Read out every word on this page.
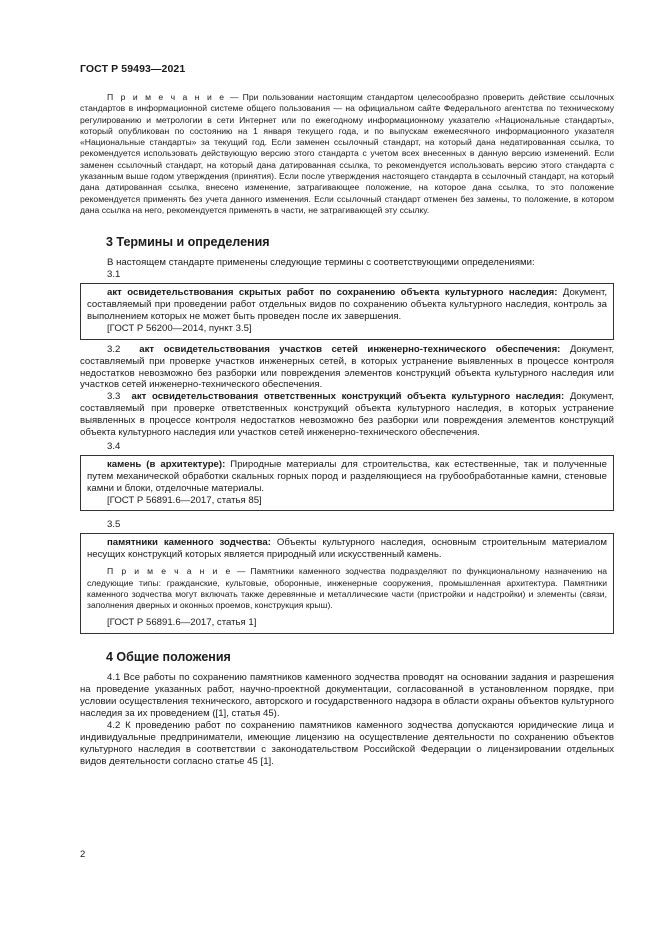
ГОСТ Р 59493—2021

П р и м е ч а н и е — При пользовании настоящим стандартом целесообразно проверить действие ссылочных стандартов в информационной системе общего пользования — на официальном сайте Федерального агентства по техническому регулированию и метрологии в сети Интернет или по ежегодному информационному указателю «Национальные стандарты», который опубликован по состоянию на 1 января текущего года, и по выпускам ежемесячного информационного указателя «Национальные стандарты» за текущий год. Если заменен ссылочный стандарт, на который дана недатированная ссылка, то рекомендуется использовать действующую версию этого стандарта с учетом всех внесенных в данную версию изменений. Если заменен ссылочный стандарт, на который дана датированная ссылка, то рекомендуется использовать версию этого стандарта с указанным выше годом утверждения (принятия). Если после утверждения настоящего стандарта в ссылочный стандарт, на который дана датированная ссылка, внесено изменение, затрагивающее положение, на которое дана ссылка, то это положение рекомендуется применять без учета данного изменения. Если ссылочный стандарт отменен без замены, то положение, в котором дана ссылка на него, рекомендуется применять в части, не затрагивающей эту ссылку.

3 Термины и определения

В настоящем стандарте применены следующие термины с соответствующими определениями:

3.1

акт освидетельствования скрытых работ по сохранению объекта культурного наследия: Документ, составляемый при проведении работ отдельных видов по сохранению объекта культурного наследия, контроль за выполнением которых не может быть проведен после их завершения.

[ГОСТ Р 56200—2014, пункт 3.5]

3.2 акт освидетельствования участков сетей инженерно-технического обеспечения: Документ, составляемый при проверке участков инженерных сетей, в которых устранение выявленных в процессе контроля недостатков невозможно без разборки или повреждения элементов конструкций объекта культурного наследия или участков сетей инженерно-технического обеспечения.

3.3 акт освидетельствования ответственных конструкций объекта культурного наследия: Документ, составляемый при проверке ответственных конструкций объекта культурного наследия, в которых устранение выявленных в процессе контроля недостатков невозможно без разборки или повреждения элементов конструкций объекта культурного наследия или участков сетей инженерно-технического обеспечения.

3.4

камень (в архитектуре): Природные материалы для строительства, как естественные, так и полученные путем механической обработки скальных горных пород и разделяющиеся на грубообработанные камни, стеновые камни и блоки, отделочные материалы.

[ГОСТ Р 56891.6—2017, статья 85]

3.5

памятники каменного зодчества: Объекты культурного наследия, основным строительным материалом несущих конструкций которых является природный или искусственный камень.

П р и м е ч а н и е — Памятники каменного зодчества подразделяют по функциональному назначению на следующие типы: гражданские, культовые, оборонные, инженерные сооружения, промышленная архитектура. Памятники каменного зодчества могут включать также деревянные и металлические части (пристройки и надстройки) и элементы (связи, заполнения дверных и оконных проемов, конструкция крыш).

[ГОСТ Р 56891.6—2017, статья 1]

4 Общие положения

4.1 Все работы по сохранению памятников каменного зодчества проводят на основании задания и разрешения на проведение указанных работ, научно-проектной документации, согласованной в установленном порядке, при условии осуществления технического, авторского и государственного надзора в области охраны объектов культурного наследия за их проведением ([1], статья 45).

4.2 К проведению работ по сохранению памятников каменного зодчества допускаются юридические лица и индивидуальные предприниматели, имеющие лицензию на осуществление деятельности по сохранению объектов культурного наследия в соответствии с законодательством Российской Федерации о лицензировании отдельных видов деятельности согласно статье 45 [1].

2
